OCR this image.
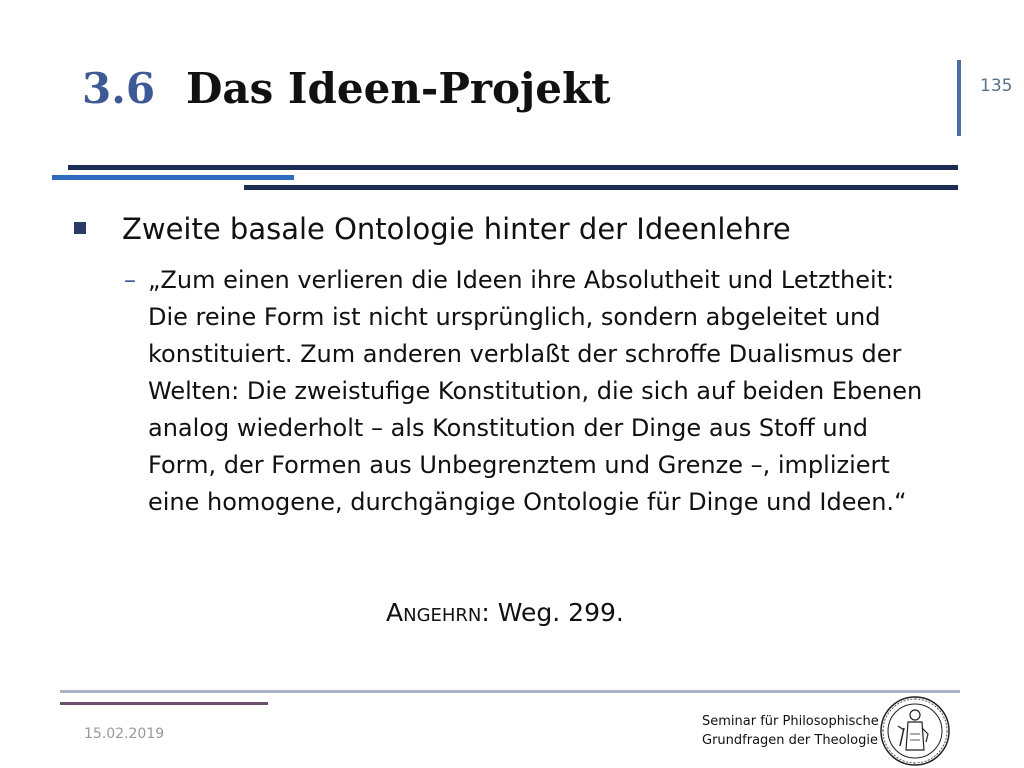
3.6 Das Ideen-Projekt	135
Zweite basale Ontologie hinter der Ideenlehre
– „Zum einen verlieren die Ideen ihre Absolutheit und Letztheit: Die reine Form ist nicht ursprünglich, sondern abgeleitet und konstituiert. Zum anderen verblaßt der schroffe Dualismus der Welten: Die zweistufige Konstitution, die sich auf beiden Ebenen analog wiederholt – als Konstitution der Dinge aus Stoff und Form, der Formen aus Unbegrenztem und Grenze –, impliziert eine homogene, durchgängige Ontologie für Dinge und Ideen.“
Angehrn: Weg. 299.
15.02.2019
Seminar für Philosophische
Grundfragen der Theologie
